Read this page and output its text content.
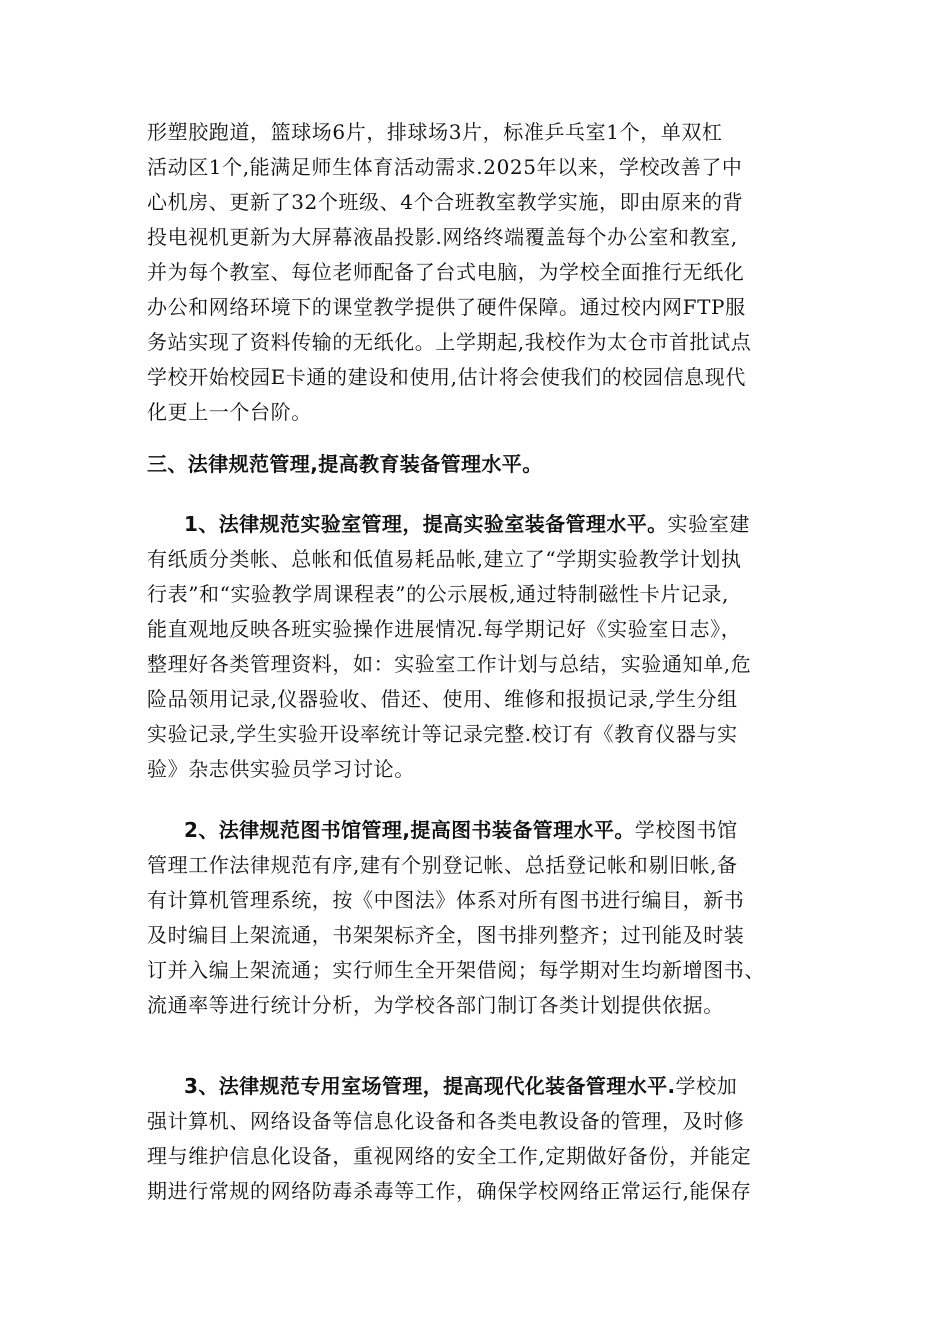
形塑胶跑道，篮球场6片，排球场3片，标准乒乓室1个，单双杠
活动区1个,能满足师生体育活动需求.2025年以来，学校改善了中
心机房、更新了32个班级、4个合班教室教学实施，即由原来的背
投电视机更新为大屏幕液晶投影.网络终端覆盖每个办公室和教室,
并为每个教室、每位老师配备了台式电脑，为学校全面推行无纸化
办公和网络环境下的课堂教学提供了硬件保障。通过校内网FTP服
务站实现了资料传输的无纸化。上学期起,我校作为太仓市首批试点
学校开始校园E卡通的建设和使用,估计将会使我们的校园信息现代
化更上一个台阶。
三、法律规范管理,提高教育装备管理水平。
1、法律规范实验室管理，提高实验室装备管理水平。实验室建
有纸质分类帐、总帐和低值易耗品帐,建立了“学期实验教学计划执
行表”和“实验教学周课程表”的公示展板,通过特制磁性卡片记录,
能直观地反映各班实验操作进展情况.每学期记好《实验室日志》，
整理好各类管理资料，如：实验室工作计划与总结，实验通知单,危
险品领用记录,仪器验收、借还、使用、维修和报损记录,学生分组
实验记录,学生实验开设率统计等记录完整.校订有《教育仪器与实
验》杂志供实验员学习讨论。
2、法律规范图书馆管理,提高图书装备管理水平。学校图书馆
管理工作法律规范有序,建有个别登记帐、总括登记帐和剔旧帐,备
有计算机管理系统，按《中图法》体系对所有图书进行编目，新书
及时编目上架流通，书架架标齐全，图书排列整齐；过刊能及时装
订并入编上架流通；实行师生全开架借阅；每学期对生均新增图书、
流通率等进行统计分析，为学校各部门制订各类计划提供依据。
3、法律规范专用室场管理，提高现代化装备管理水平.学校加
强计算机、网络设备等信息化设备和各类电教设备的管理，及时修
理与维护信息化设备，重视网络的安全工作,定期做好备份，并能定
期进行常规的网络防毒杀毒等工作，确保学校网络正常运行,能保存
